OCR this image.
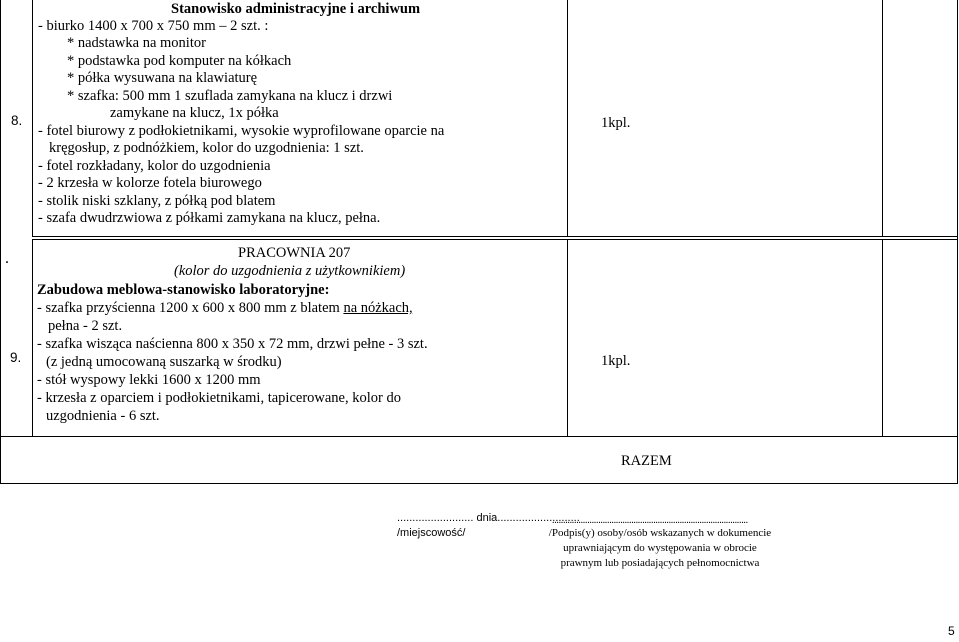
8.
Stanowisko administracyjne i archiwum
- biurko 1400 x 700 x 750 mm – 2 szt. :
* nadstawka na monitor
* podstawka pod komputer na kółkach
* półka wysuwana na klawiaturę
* szafka: 500 mm 1 szuflada zamykana na klucz i drzwi
zamykane na klucz, 1x półka
- fotel biurowy z podłokietnikami, wysokie wyprofilowane oparcie na
kręgosłup, z podnóżkiem, kolor do uzgodnienia: 1 szt.
- fotel rozkładany, kolor do uzgodnienia
- 2 krzesła w kolorze fotela biurowego
- stolik niski szklany, z półką pod blatem
- szafa dwudrzwiowa z półkami zamykana na klucz, pełna.
1kpl.
.
9.
PRACOWNIA 207
(kolor do uzgodnienia z użytkownikiem)
Zabudowa meblowa-stanowisko laboratoryjne:
- szafka przyścienna 1200 x 600 x 800 mm z blatem na nóżkach,
pełna - 2 szt.
- szafka wisząca naścienna 800 x 350 x 72 mm, drzwi pełne - 3 szt.
(z jedną umocowaną suszarką w środku)
- stół wyspowy lekki 1600 x 1200 mm
- krzesła z oparciem i podłokietnikami, tapicerowane, kolor do
uzgodnienia - 6 szt.
1kpl.
RAZEM
......................... dnia...........................
/miejscowość/
.........................................................................................
/Podpis(y) osoby/osób wskazanych w dokumencie
uprawniającym do występowania w obrocie
prawnym lub posiadających pełnomocnictwa
5
